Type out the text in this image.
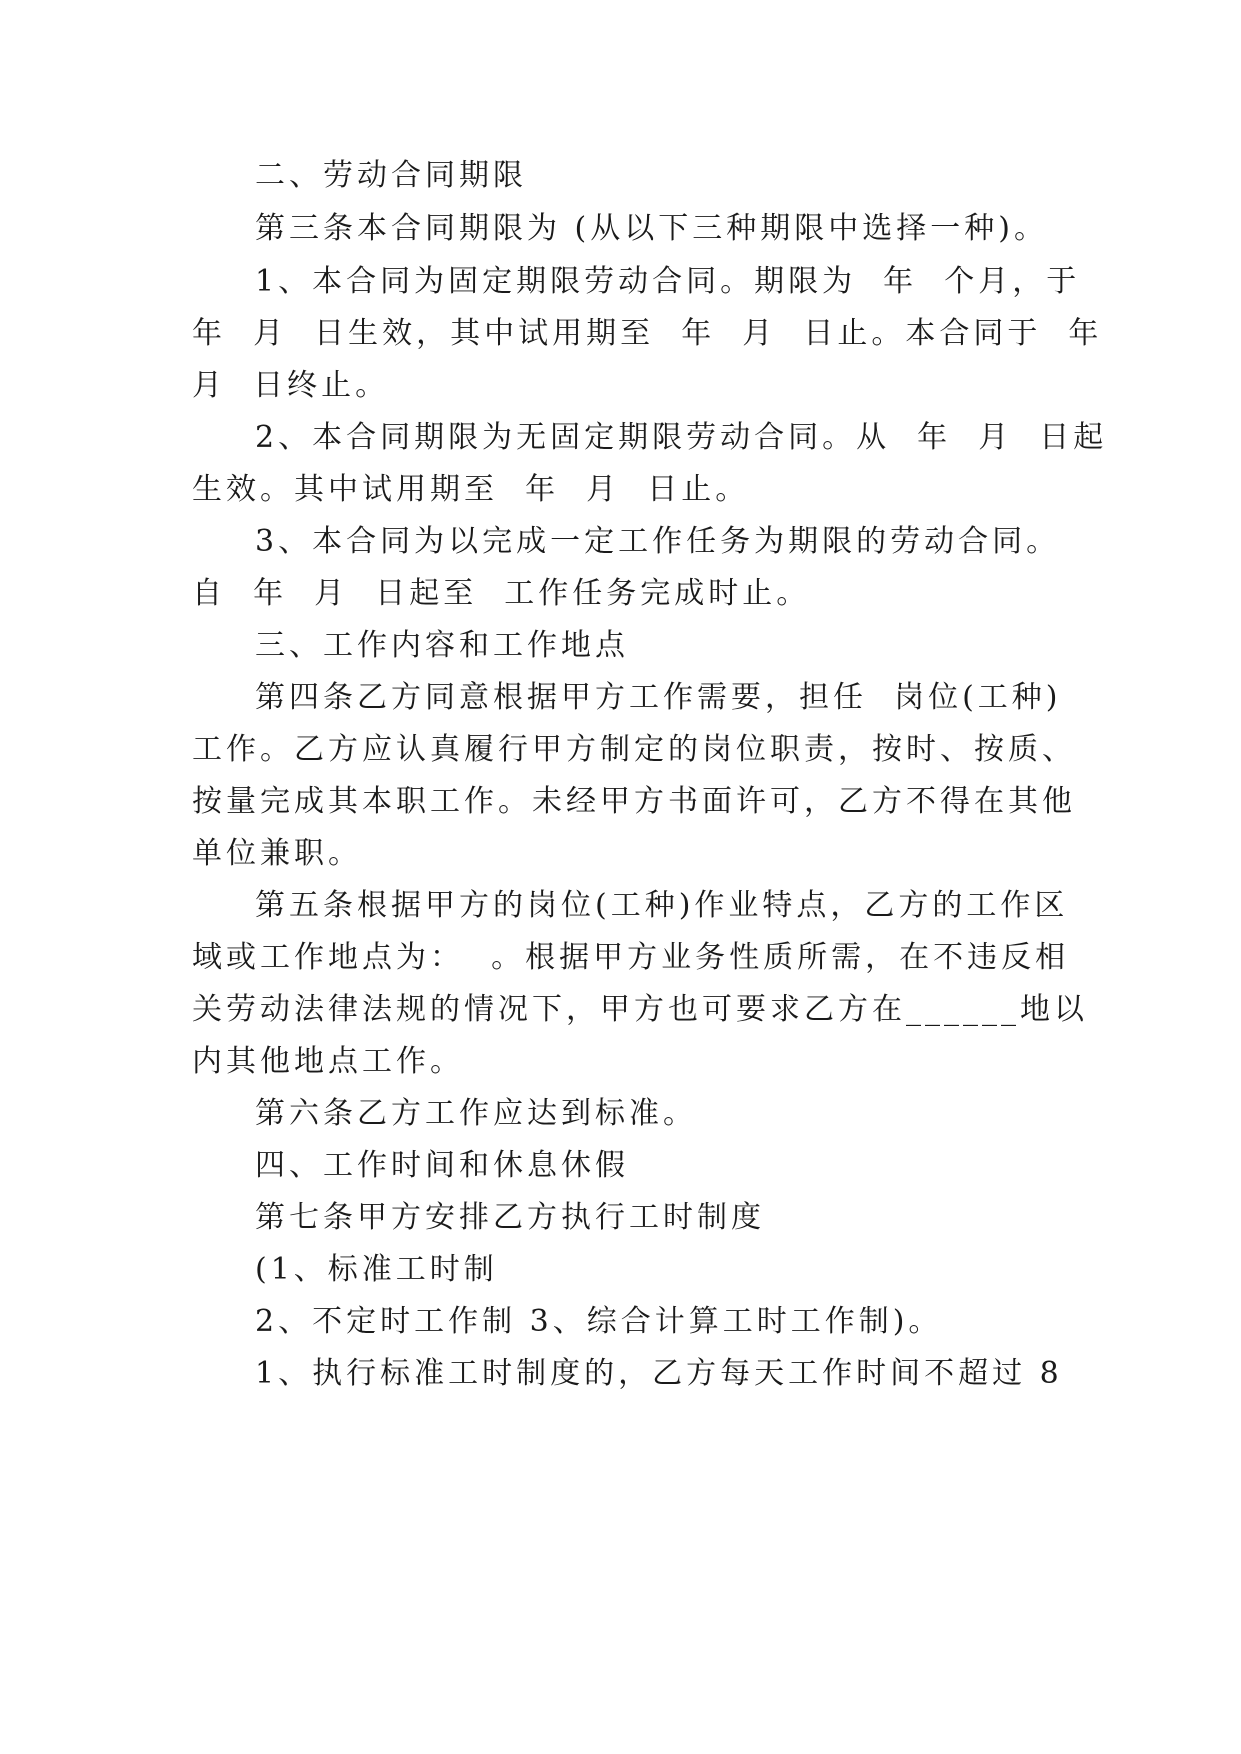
二、劳动合同期限
第三条本合同期限为 (从以下三种期限中选择一种)。
1、本合同为固定期限劳动合同。期限为  年  个月，于
年  月  日生效，其中试用期至  年  月  日止。本合同于  年
月  日终止。
2、本合同期限为无固定期限劳动合同。从  年  月  日起
生效。其中试用期至  年  月  日止。
3、本合同为以完成一定工作任务为期限的劳动合同。
自  年  月  日起至  工作任务完成时止。
三、工作内容和工作地点
第四条乙方同意根据甲方工作需要，担任  岗位(工种)
工作。乙方应认真履行甲方制定的岗位职责，按时、按质、
按量完成其本职工作。未经甲方书面许可，乙方不得在其他
单位兼职。
第五条根据甲方的岗位(工种)作业特点，乙方的工作区
域或工作地点为：  。根据甲方业务性质所需，在不违反相
关劳动法律法规的情况下，甲方也可要求乙方在______地以
内其他地点工作。
第六条乙方工作应达到标准。
四、工作时间和休息休假
第七条甲方安排乙方执行工时制度
(1、标准工时制
2、不定时工作制 3、综合计算工时工作制)。
1、执行标准工时制度的，乙方每天工作时间不超过 8
